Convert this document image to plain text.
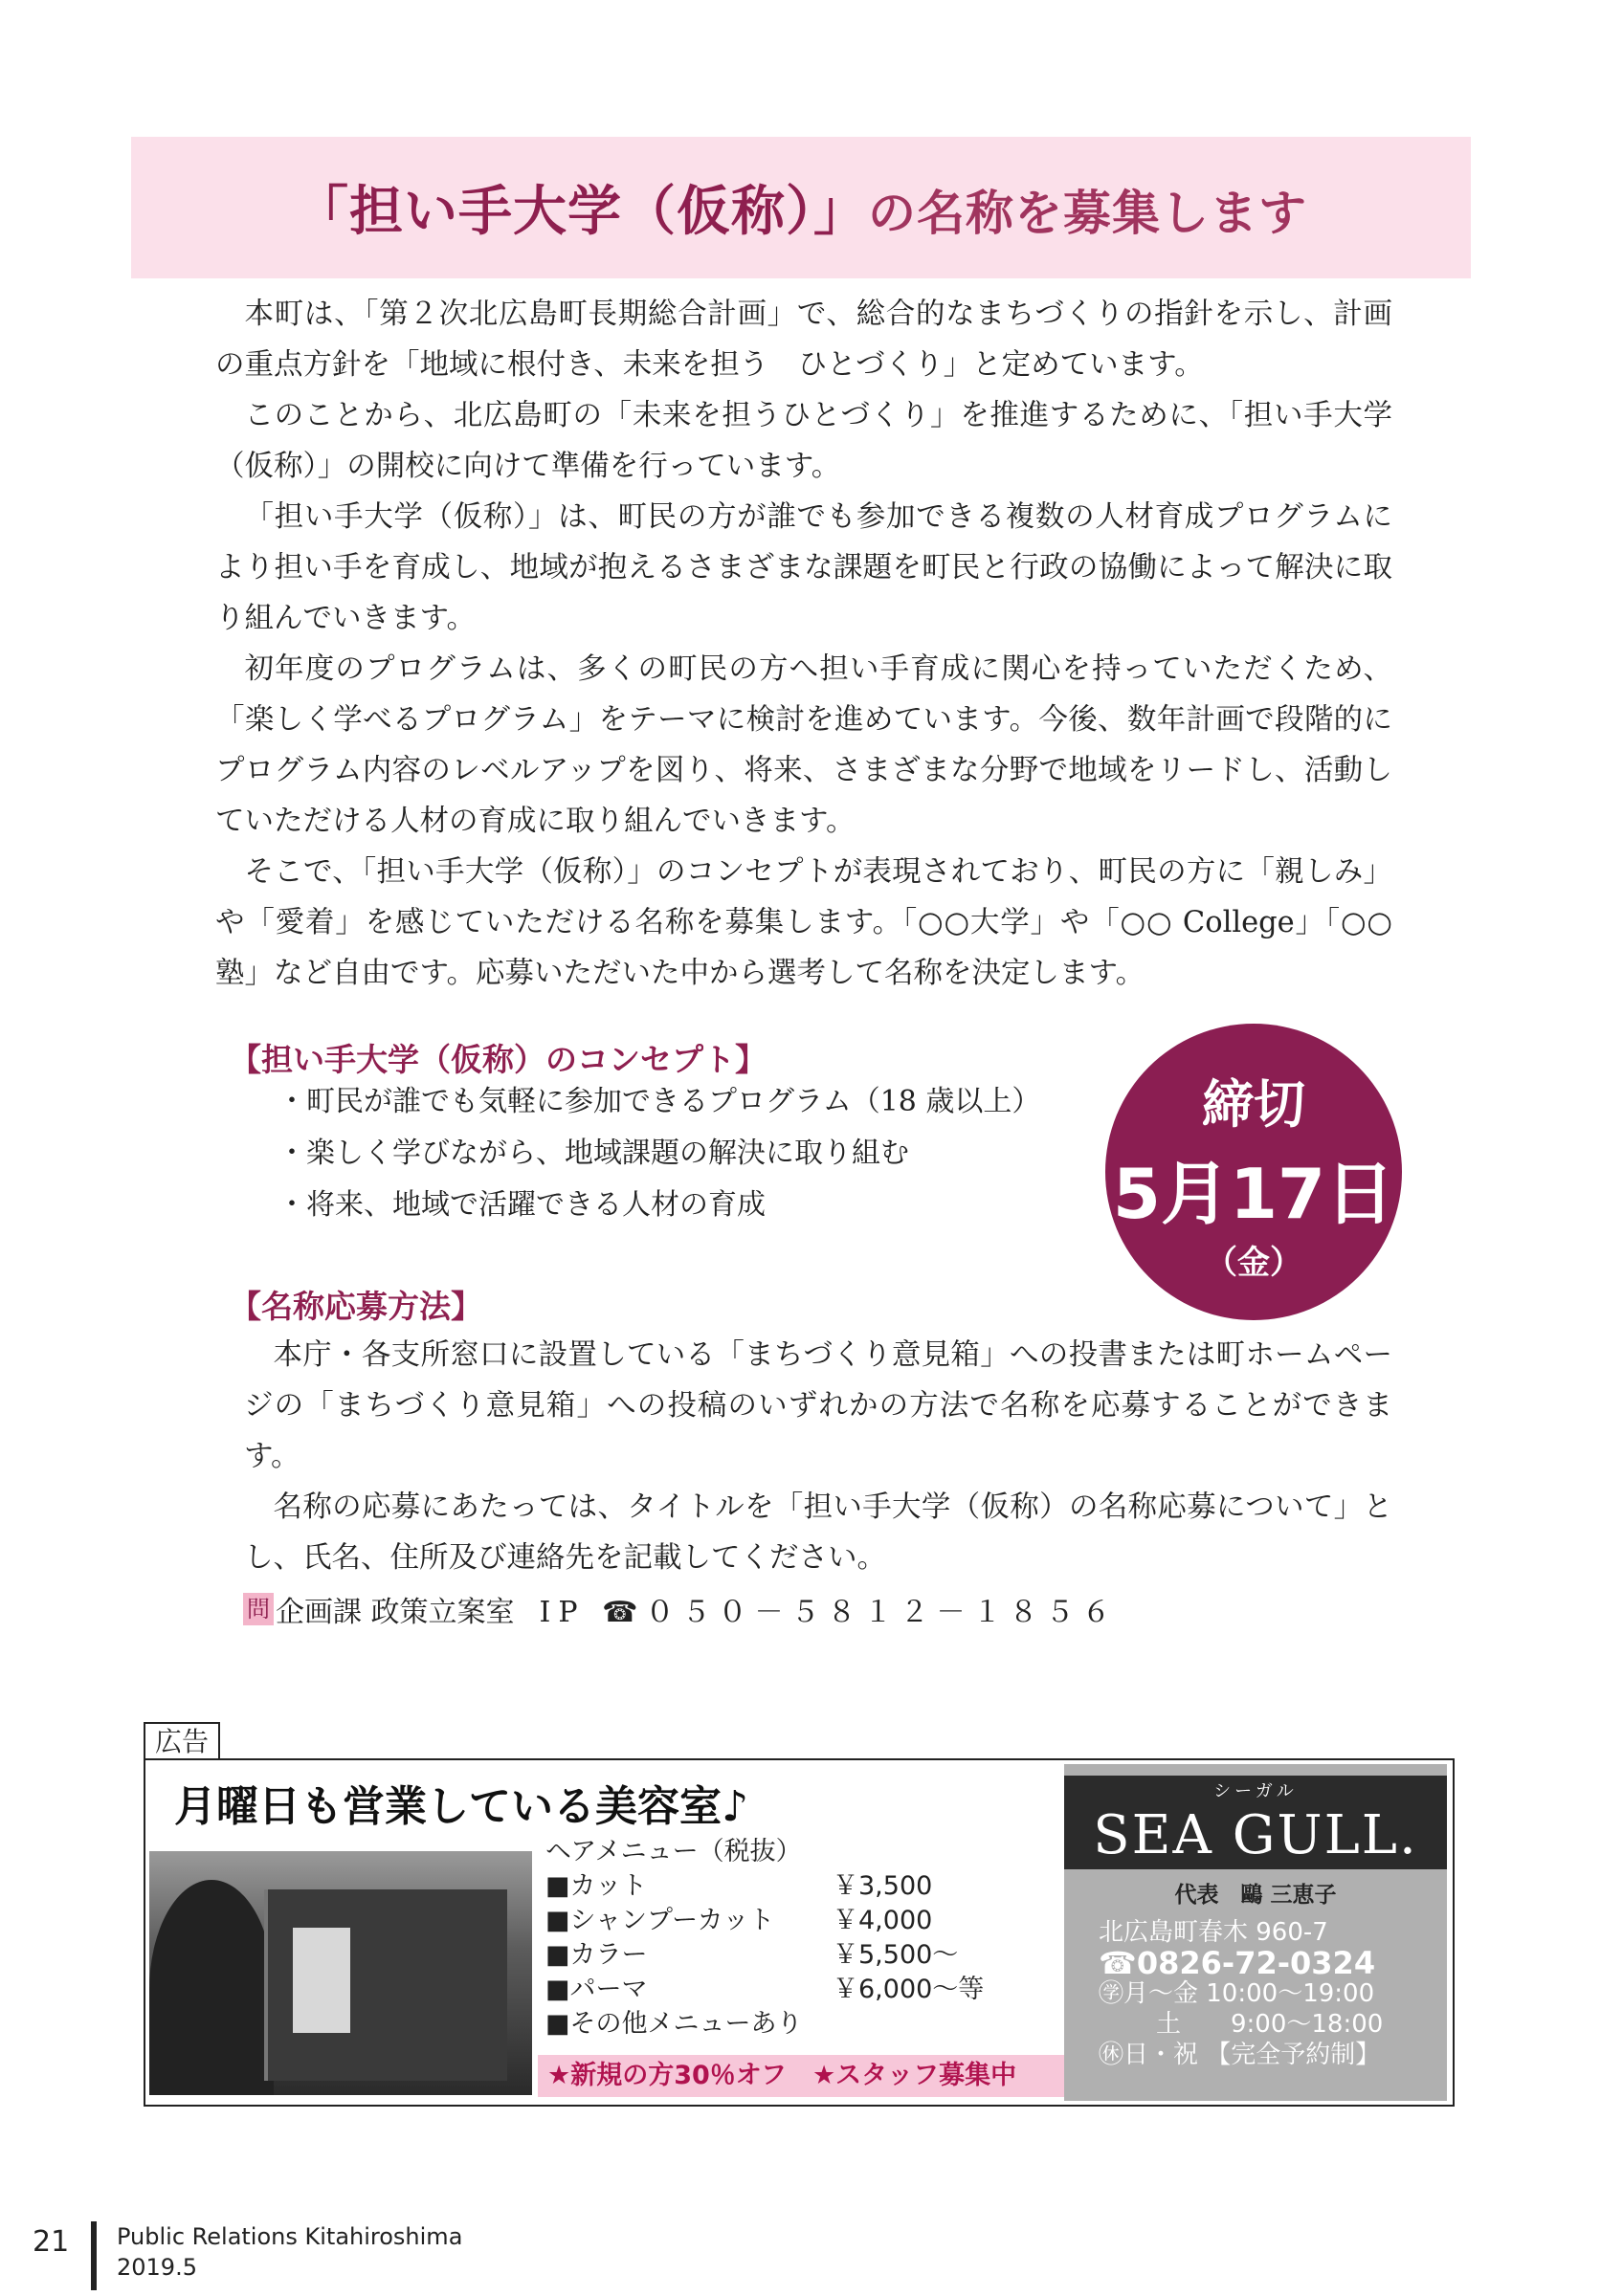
「担い手大学（仮称）」の名称を募集します

本町は、「第２次北広島町長期総合計画」で、総合的なまちづくりの指針を示し、計画の重点方針を「地域に根付き、未来を担う　ひとづくり」と定めています。

このことから、北広島町の「未来を担うひとづくり」を推進するために、「担い手大学（仮称）」の開校に向けて準備を行っています。

「担い手大学（仮称）」は、町民の方が誰でも参加できる複数の人材育成プログラムにより担い手を育成し、地域が抱えるさまざまな課題を町民と行政の協働によって解決に取り組んでいきます。

初年度のプログラムは、多くの町民の方へ担い手育成に関心を持っていただくため、「楽しく学べるプログラム」をテーマに検討を進めています。今後、数年計画で段階的にプログラム内容のレベルアップを図り、将来、さまざまな分野で地域をリードし、活動していただける人材の育成に取り組んでいきます。

そこで、「担い手大学（仮称）」のコンセプトが表現されており、町民の方に「親しみ」や「愛着」を感じていただける名称を募集します。「○○大学」や「○○ College」「○○塾」など自由です。応募いただいた中から選考して名称を決定します。

【担い手大学（仮称）のコンセプト】
・町民が誰でも気軽に参加できるプログラム（18 歳以上）
・楽しく学びながら、地域課題の解決に取り組む
・将来、地域で活躍できる人材の育成
締切
5月17日
（金）
【名称応募方法】

本庁・各支所窓口に設置している「まちづくり意見箱」への投書または町ホームページの「まちづくり意見箱」への投稿のいずれかの方法で名称を応募することができます。

名称の応募にあたっては、タイトルを「担い手大学（仮称）の名称応募について」とし、氏名、住所及び連絡先を記載してください。

問 企画課 政策立案室 IP ☎０５０－５８１２－１８５６
広告
月曜日も営業している美容室♪
ヘアメニュー（税抜）
■カット	￥3,500
■シャンプーカット	￥4,000
■カラー	￥5,500～
■パーマ	￥6,000～等
■その他メニューあり
★新規の方30％オフ　★スタッフ募集中
シーガル
SEA GULL.
代表　鷗 三恵子
北広島町春木 960-7
☎0826-72-0324
㊫月～金 10:00～19:00
土　　9:00～18:00
㊡日・祝 【完全予約制】
21 Public Relations Kitahiroshima
2019.5
